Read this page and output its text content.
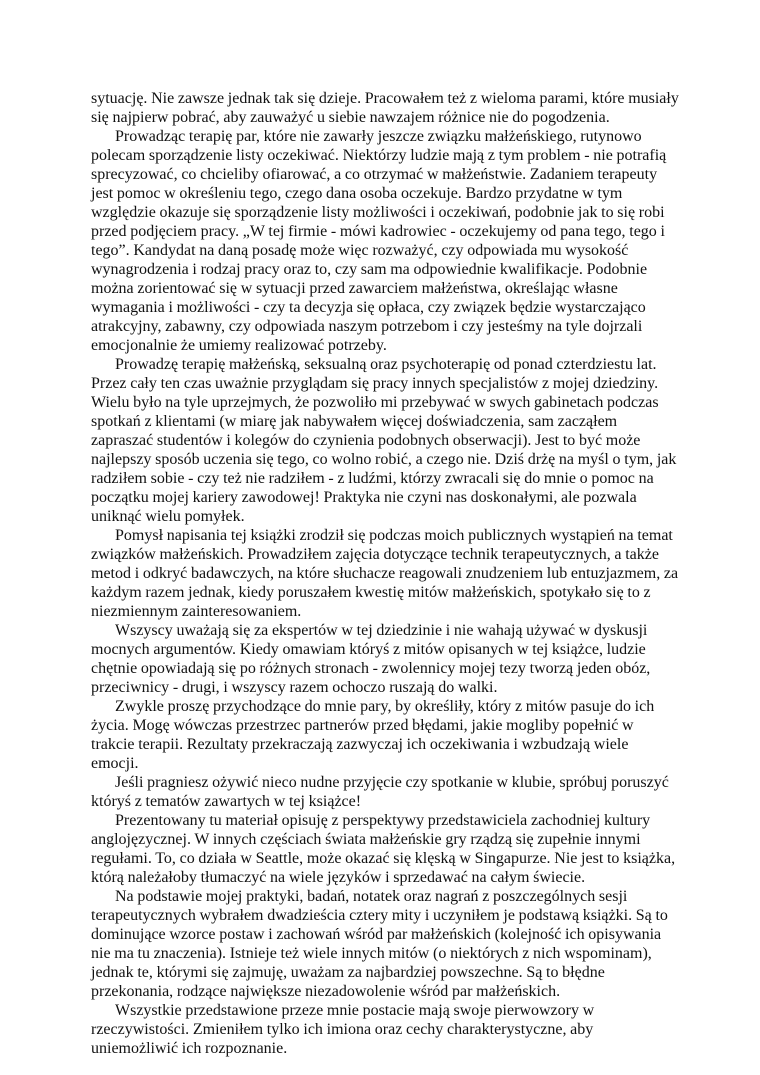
sytuację. Nie zawsze jednak tak się dzieje. Pracowałem też z wieloma parami, które musiały się najpierw pobrać, aby zauważyć u siebie nawzajem różnice nie do pogodzenia.

Prowadząc terapię par, które nie zawarły jeszcze związku małżeńskiego, rutynowo polecam sporządzenie listy oczekiwać. Niektórzy ludzie mają z tym problem - nie potrafią sprecyzować, co chcieliby ofiarować, a co otrzymać w małżeństwie. Zadaniem terapeuty jest pomoc w określeniu tego, czego dana osoba oczekuje. Bardzo przydatne w tym względzie okazuje się sporządzenie listy możliwości i oczekiwań, podobnie jak to się robi przed podjęciem pracy. „W tej firmie - mówi kadrowiec - oczekujemy od pana tego, tego i tego”. Kandydat na daną posadę może więc rozważyć, czy odpowiada mu wysokość wynagrodzenia i rodzaj pracy oraz to, czy sam ma odpowiednie kwalifikacje. Podobnie można zorientować się w sytuacji przed zawarciem małżeństwa, określając własne wymagania i możliwości - czy ta decyzja się opłaca, czy związek będzie wystarczająco atrakcyjny, zabawny, czy odpowiada naszym potrzebom i czy jesteśmy na tyle dojrzali emocjonalnie że umiemy realizować potrzeby.

Prowadzę terapię małżeńską, seksualną oraz psychoterapię od ponad czterdziestu lat. Przez cały ten czas uważnie przyglądam się pracy innych specjalistów z mojej dziedziny. Wielu było na tyle uprzejmych, że pozwoliło mi przebywać w swych gabinetach podczas spotkań z klientami (w miarę jak nabywałem więcej doświadczenia, sam zacząłem zapraszać studentów i kolegów do czynienia podobnych obserwacji). Jest to być może najlepszy sposób uczenia się tego, co wolno robić, a czego nie. Dziś drżę na myśl o tym, jak radziłem sobie - czy też nie radziłem - z ludźmi, którzy zwracali się do mnie o pomoc na początku mojej kariery zawodowej! Praktyka nie czyni nas doskonałymi, ale pozwala uniknąć wielu pomyłek.

Pomysł napisania tej książki zrodził się podczas moich publicznych wystąpień na temat związków małżeńskich. Prowadziłem zajęcia dotyczące technik terapeutycznych, a także metod i odkryć badawczych, na które słuchacze reagowali znudzeniem lub entuzjazmem, za każdym razem jednak, kiedy poruszałem kwestię mitów małżeńskich, spotykało się to z niezmiennym zainteresowaniem.

Wszyscy uważają się za ekspertów w tej dziedzinie i nie wahają używać w dyskusji mocnych argumentów. Kiedy omawiam któryś z mitów opisanych w tej książce, ludzie chętnie opowiadają się po różnych stronach - zwolennicy mojej tezy tworzą jeden obóz, przeciwnicy - drugi, i wszyscy razem ochoczo ruszają do walki.

Zwykle proszę przychodzące do mnie pary, by określiły, który z mitów pasuje do ich życia. Mogę wówczas przestrzec partnerów przed błędami, jakie mogliby popełnić w trakcie terapii. Rezultaty przekraczają zazwyczaj ich oczekiwania i wzbudzają wiele emocji.

Jeśli pragniesz ożywić nieco nudne przyjęcie czy spotkanie w klubie, spróbuj poruszyć któryś z tematów zawartych w tej książce!

Prezentowany tu materiał opisuję z perspektywy przedstawiciela zachodniej kultury anglojęzycznej. W innych częściach świata małżeńskie gry rządzą się zupełnie innymi regułami. To, co działa w Seattle, może okazać się klęską w Singapurze. Nie jest to książka, którą należałoby tłumaczyć na wiele języków i sprzedawać na całym świecie.

Na podstawie mojej praktyki, badań, notatek oraz nagrań z poszczególnych sesji terapeutycznych wybrałem dwadzieścia cztery mity i uczyniłem je podstawą książki. Są to dominujące wzorce postaw i zachowań wśród par małżeńskich (kolejność ich opisywania nie ma tu znaczenia). Istnieje też wiele innych mitów (o niektórych z nich wspominam), jednak te, którymi się zajmuję, uważam za najbardziej powszechne. Są to błędne przekonania, rodzące największe niezadowolenie wśród par małżeńskich.

Wszystkie przedstawione przeze mnie postacie mają swoje pierwowzory w rzeczywistości. Zmieniłem tylko ich imiona oraz cechy charakterystyczne, aby uniemożliwić ich rozpoznanie.
